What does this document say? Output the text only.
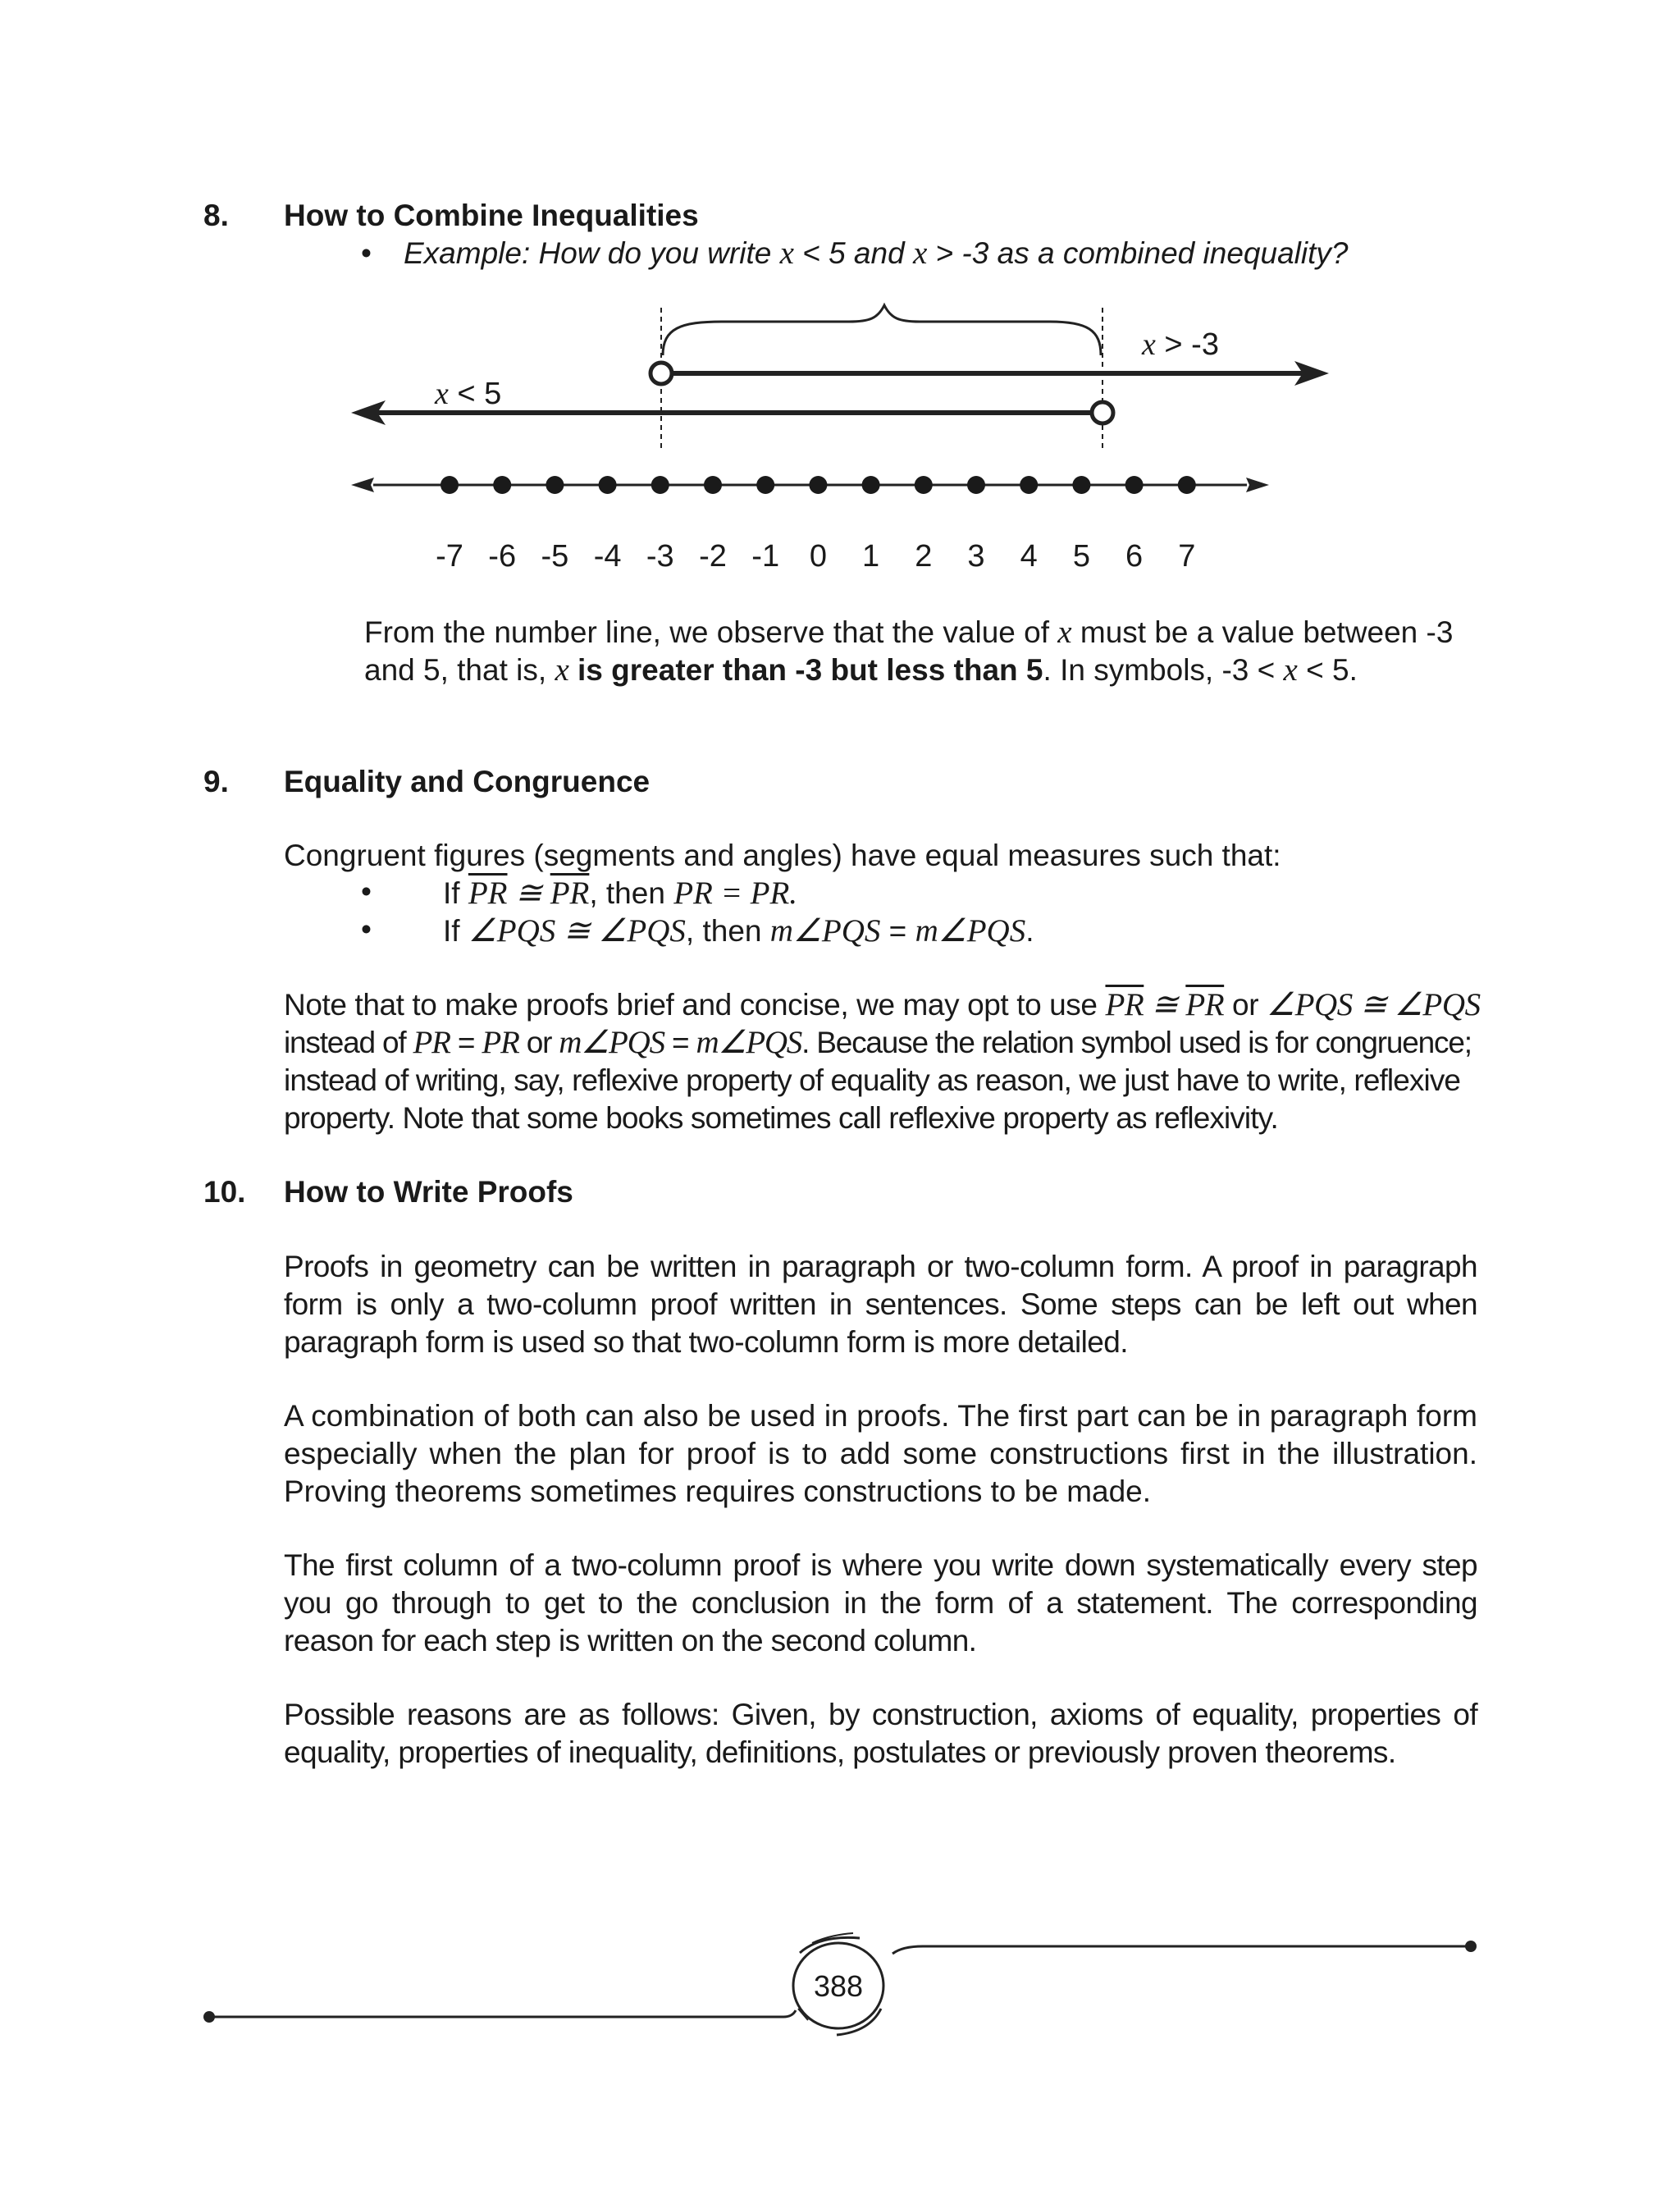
8. How to Combine Inequalities
• Example: How do you write x < 5 and x > -3 as a combined inequality?
x > -3
x < 5
-7 -6 -5 -4 -3 -2 -1 0 1 2 3 4 5 6 7
From the number line, we observe that the value of x must be a value between -3
and 5, that is, x is greater than -3 but less than 5. In symbols, -3 < x < 5.
9. Equality and Congruence
Congruent figures (segments and angles) have equal measures such that:
• If $\overline{PR}$ ≅ $\overline{PR}$, then PR = PR.
• If ∠PQS ≅ ∠PQS, then m∠PQS = m∠PQS.
Note that to make proofs brief and concise, we may opt to use $\overline{PR}$ ≅ $\overline{PR}$ or ∠PQS ≅ ∠PQS
instead of PR = PR or m∠PQS = m∠PQS. Because the relation symbol used is for congruence;
instead of writing, say, reflexive property of equality as reason, we just have to write, reflexive
property. Note that some books sometimes call reflexive property as reflexivity.
10. How to Write Proofs
Proofs in geometry can be written in paragraph or two-column form. A proof in paragraph form is only a two-column proof written in sentences. Some steps can be left out when paragraph form is used so that two-column form is more detailed.
A combination of both can also be used in proofs. The first part can be in paragraph form especially when the plan for proof is to add some constructions first in the illustration. Proving theorems sometimes requires constructions to be made.
The first column of a two-column proof is where you write down systematically every step you go through to get to the conclusion in the form of a statement. The corresponding reason for each step is written on the second column.
Possible reasons are as follows: Given, by construction, axioms of equality, properties of equality, properties of inequality, definitions, postulates or previously proven theorems.
388
